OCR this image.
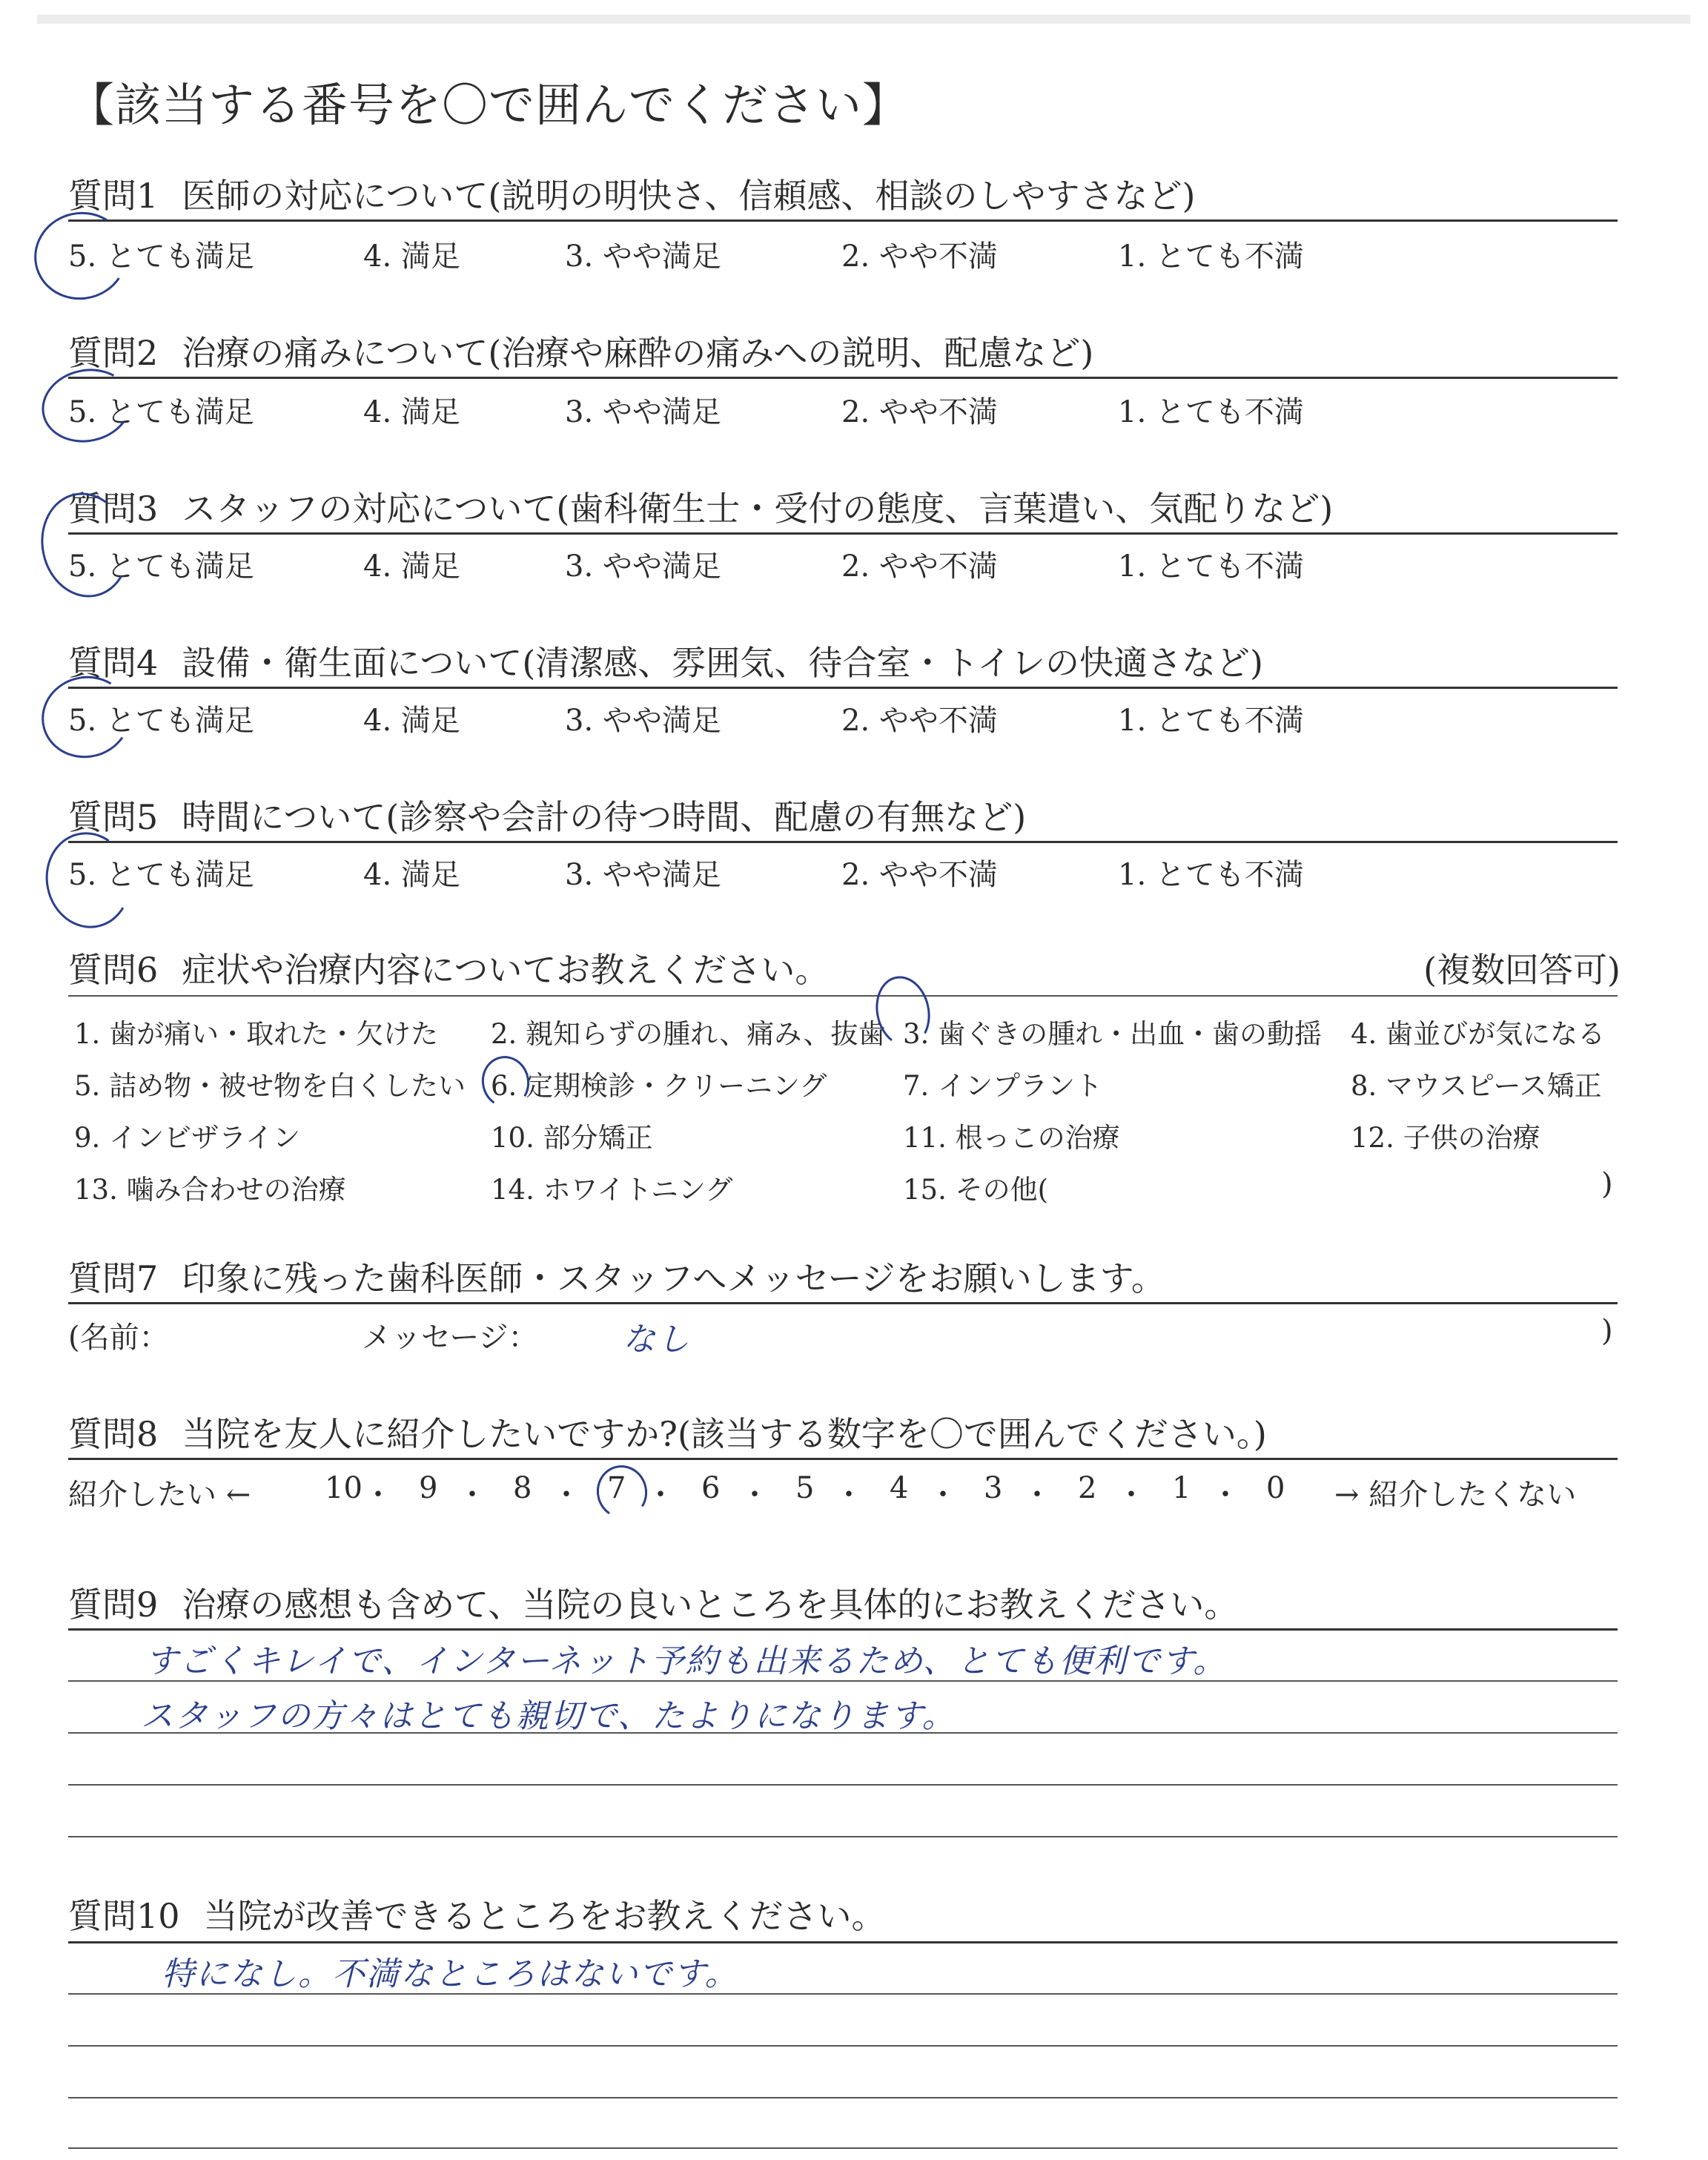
【該当する番号を〇で囲んでください】
質問1 医師の対応について(説明の明快さ、信頼感、相談のしやすさなど)
5. とても満足	4. 満足	3. やや満足	2. やや不満	1. とても不満
質問2 治療の痛みについて(治療や麻酔の痛みへの説明、配慮など)
5. とても満足	4. 満足	3. やや満足	2. やや不満	1. とても不満
質問3 スタッフの対応について(歯科衛生士・受付の態度、言葉遣い、気配りなど)
5. とても満足	4. 満足	3. やや満足	2. やや不満	1. とても不満
質問4 設備・衛生面について(清潔感、雰囲気、待合室・トイレの快適さなど)
5. とても満足	4. 満足	3. やや満足	2. やや不満	1. とても不満
質問5 時間について(診察や会計の待つ時間、配慮の有無など)
5. とても満足	4. 満足	3. やや満足	2. やや不満	1. とても不満
質問6 症状や治療内容についてお教えください。	(複数回答可)
1. 歯が痛い・取れた・欠けた 2. 親知らずの腫れ、痛み、抜歯 3. 歯ぐきの腫れ・出血・歯の動揺 4. 歯並びが気になる
5. 詰め物・被せ物を白くしたい 6. 定期検診・クリーニング	7. インプラント	8. マウスピース矯正
9. インビザライン	10. 部分矯正	11. 根っこの治療	12. 子供の治療
13. 噛み合わせの治療	14. ホワイトニング	15. その他(	)
質問7 印象に残った歯科医師・スタッフへメッセージをお願いします。
(名前：	メッセージ：	なし	)
質問8 当院を友人に紹介したいですか?(該当する数字を〇で囲んでください。)
紹介したい ←	→ 紹介したくない
10 ・ 9 ・ 8 ・ 7 ・ 6 ・ 5 ・ 4 ・ 3 ・ 2 ・ 1 ・ 0
質問9 治療の感想も含めて、当院の良いところを具体的にお教えください。
すごくキレイで、インターネット予約も出来るため、とても便利です。
スタッフの方々はとても親切で、たよりになります。
質問10 当院が改善できるところをお教えください。
特になし。不満なところはないです。
